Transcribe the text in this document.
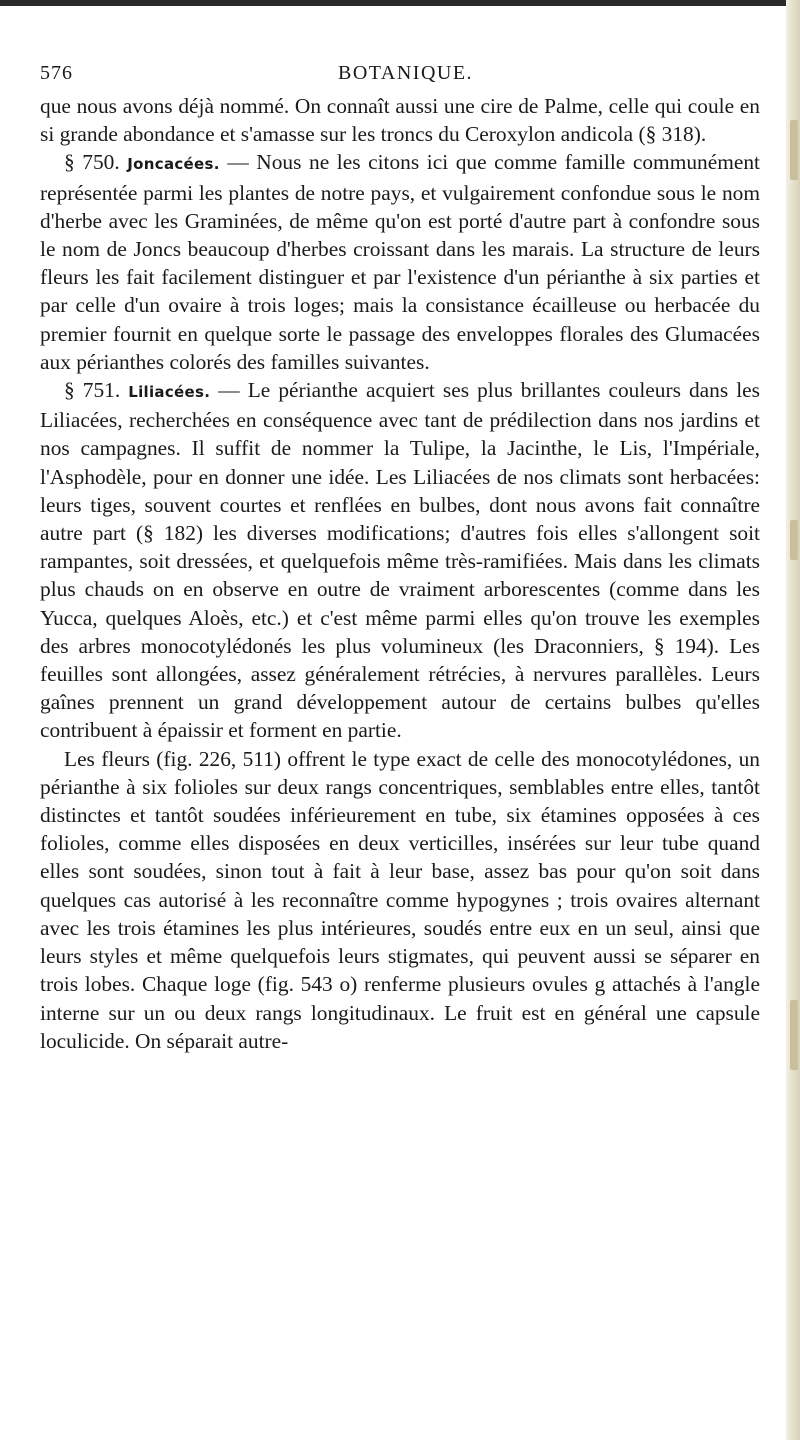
576	BOTANIQUE.

que nous avons déjà nommé. On connaît aussi une cire de Palme, celle qui coule en si grande abondance et s'amasse sur les troncs du Ceroxylon andicola (§ 318).

§ 750. Joncacées. — Nous ne les citons ici que comme famille communément représentée parmi les plantes de notre pays, et vulgairement confondue sous le nom d'herbe avec les Graminées, de même qu'on est porté d'autre part à confondre sous le nom de Joncs beaucoup d'herbes croissant dans les marais. La structure de leurs fleurs les fait facilement distinguer et par l'existence d'un périanthe à six parties et par celle d'un ovaire à trois loges; mais la consistance écailleuse ou herbacée du premier fournit en quelque sorte le passage des enveloppes florales des Glumacées aux périanthes colorés des familles suivantes.

§ 751. Liliacées. — Le périanthe acquiert ses plus brillantes couleurs dans les Liliacées, recherchées en conséquence avec tant de prédilection dans nos jardins et nos campagnes. Il suffit de nommer la Tulipe, la Jacinthe, le Lis, l'Impériale, l'Asphodèle, pour en donner une idée. Les Liliacées de nos climats sont herbacées: leurs tiges, souvent courtes et renflées en bulbes, dont nous avons fait connaître autre part (§ 182) les diverses modifications; d'autres fois elles s'allongent soit rampantes, soit dressées, et quelquefois même très-ramifiées. Mais dans les climats plus chauds on en observe en outre de vraiment arborescentes (comme dans les Yucca, quelques Aloès, etc.) et c'est même parmi elles qu'on trouve les exemples des arbres monocotylédonés les plus volumineux (les Draconniers, § 194). Les feuilles sont allongées, assez généralement rétrécies, à nervures parallèles. Leurs gaînes prennent un grand développement autour de certains bulbes qu'elles contribuent à épaissir et forment en partie.

Les fleurs (fig. 226, 511) offrent le type exact de celle des monocotylédones, un périanthe à six folioles sur deux rangs concentriques, semblables entre elles, tantôt distinctes et tantôt soudées inférieurement en tube, six étamines opposées à ces folioles, comme elles disposées en deux verticilles, insérées sur leur tube quand elles sont soudées, sinon tout à fait à leur base, assez bas pour qu'on soit dans quelques cas autorisé à les reconnaître comme hypogynes ; trois ovaires alternant avec les trois étamines les plus intérieures, soudés entre eux en un seul, ainsi que leurs styles et même quelquefois leurs stigmates, qui peuvent aussi se séparer en trois lobes. Chaque loge (fig. 543 o) renferme plusieurs ovules g attachés à l'angle interne sur un ou deux rangs longitudinaux. Le fruit est en général une capsule loculicide. On séparait autre-
